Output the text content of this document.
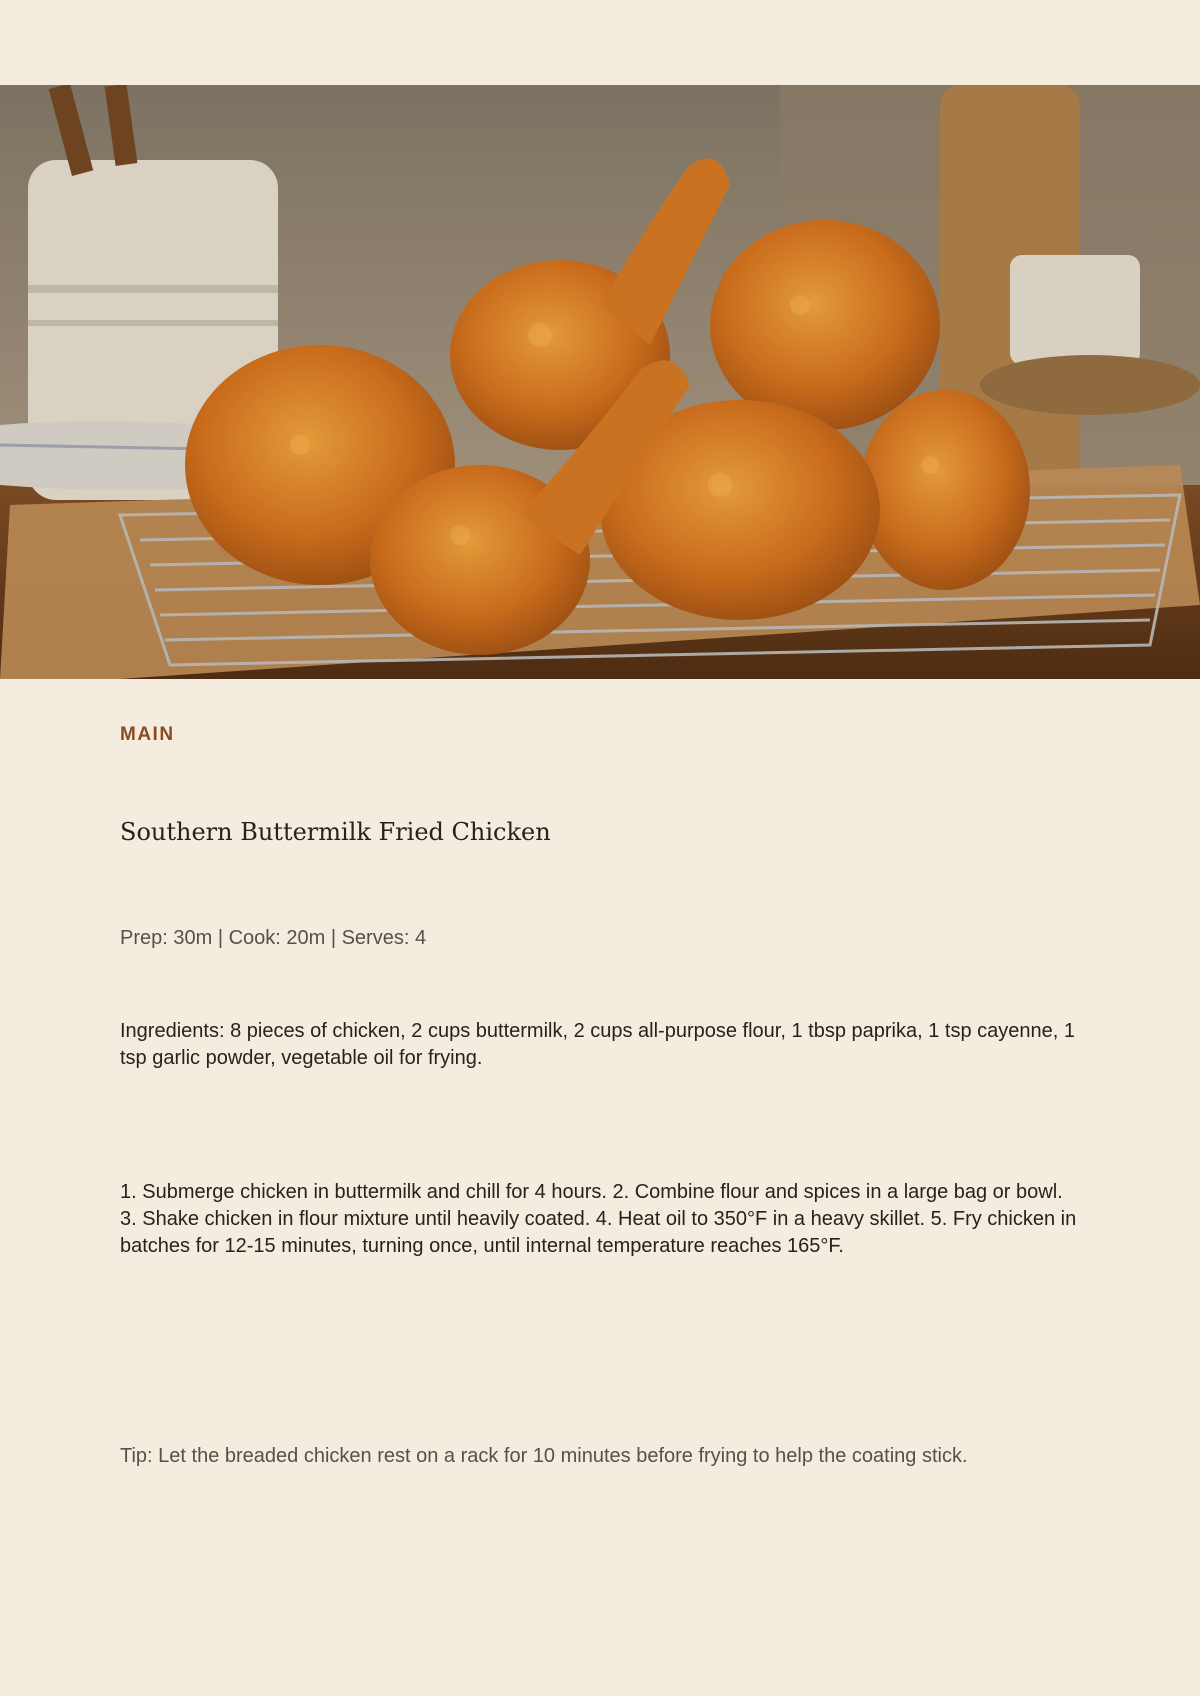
MAIN
Southern Buttermilk Fried Chicken
Prep: 30m | Cook: 20m | Serves: 4
Ingredients: 8 pieces of chicken, 2 cups buttermilk, 2 cups all-purpose flour, 1 tbsp paprika, 1 tsp cayenne, 1 tsp garlic powder, vegetable oil for frying.
1. Submerge chicken in buttermilk and chill for 4 hours. 2. Combine flour and spices in a large bag or bowl. 3. Shake chicken in flour mixture until heavily coated. 4. Heat oil to 350°F in a heavy skillet. 5. Fry chicken in batches for 12-15 minutes, turning once, until internal temperature reaches 165°F.
Tip: Let the breaded chicken rest on a rack for 10 minutes before frying to help the coating stick.
